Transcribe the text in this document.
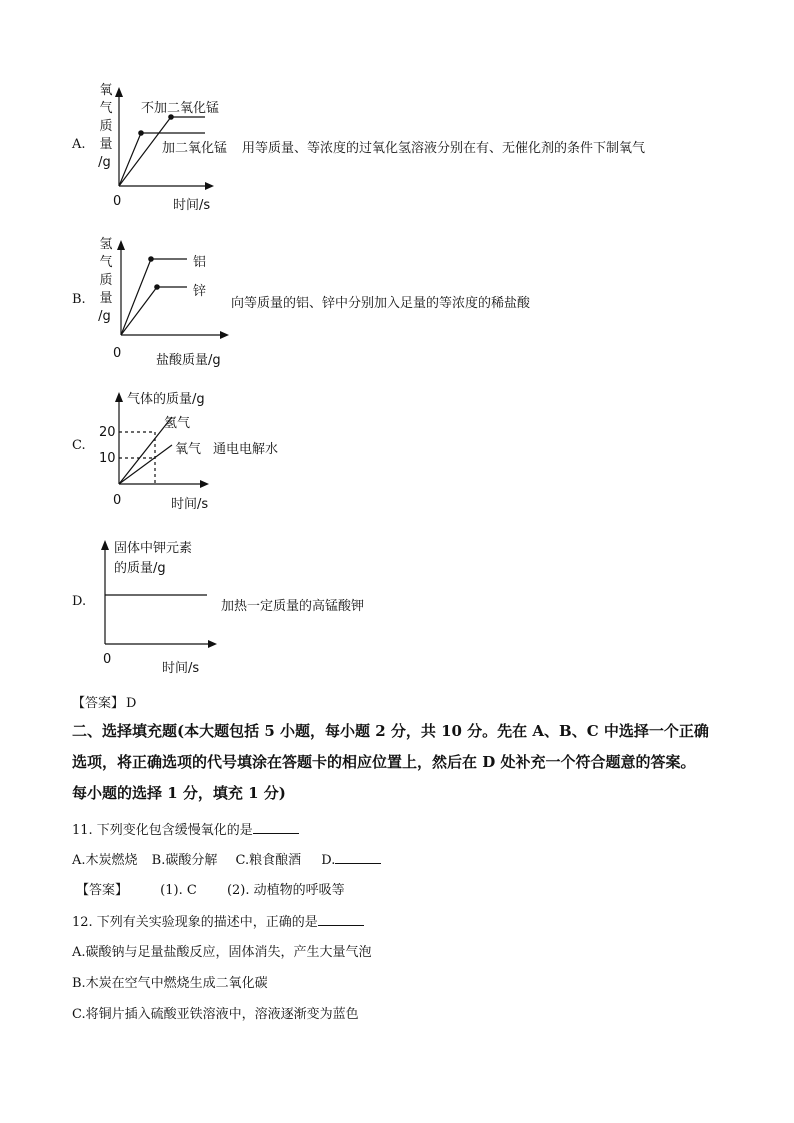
A.
氧
气
质
量
/g
不加二氧化锰
加二氧化锰 用等质量、等浓度的过氧化氢溶液分别在有、无催化剂的条件下制氧气
0	时间/s
B.
氢
气
质
量
/g
铝
锌
向等质量的铝、锌中分别加入足量的等浓度的稀盐酸
0	盐酸质量/g
C.
气体的质量/g
20
10
氢气
氧气 通电电解水
0	时间/s
D.
固体中钾元素
的质量/g
加热一定质量的高锰酸钾
0
时间/s
【答案】 D
二、选择填充题(本大题包括 5 小题，每小题 2 分，共 10 分。先在 A、B、C 中选择一个正确
选项，将正确选项的代号填涂在答题卡的相应位置上，然后在 D 处补充一个符合题意的答案。
每小题的选择 1 分，填充 1 分)
11. 下列变化包含缓慢氧化的是
A.木炭燃烧 B.碳酸分解 C.粮食酿酒 D.
【答案】 (1). C (2). 动植物的呼吸等
12. 下列有关实验现象的描述中，正确的是
A.碳酸钠与足量盐酸反应，固体消失，产生大量气泡
B.木炭在空气中燃烧生成二氧化碳
C.将铜片插入硫酸亚铁溶液中，溶液逐渐变为蓝色
